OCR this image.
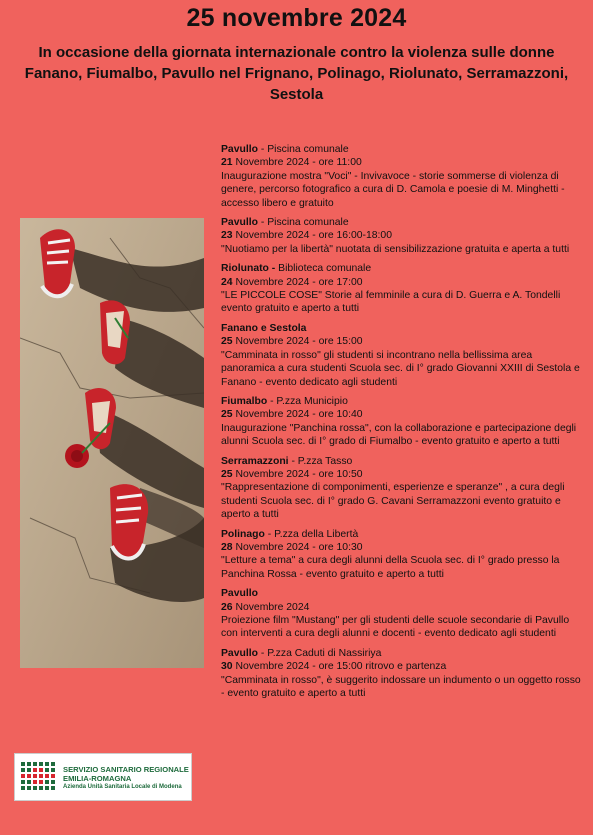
25 novembre 2024
In occasione della giornata internazionale contro la violenza sulle donne
Fanano, Fiumalbo, Pavullo nel Frignano, Polinago, Riolunato, Serramazzoni,
Sestola
Pavullo - Piscina comunale
21 Novembre 2024 - ore 11:00
Inaugurazione mostra "Voci" - Invivavoce - storie sommerse di violenza di genere, percorso fotografico a cura di D. Camola e poesie di M. Minghetti - accesso libero e gratuito
Pavullo - Piscina comunale
23 Novembre 2024 - ore 16:00-18:00
"Nuotiamo per la libertà" nuotata di sensibilizzazione gratuita e aperta a tutti
Riolunato - Biblioteca comunale
24 Novembre 2024 - ore 17:00
"LE PICCOLE COSE" Storie al femminile a cura di D. Guerra e A. Tondelli evento gratuito e aperto a tutti
Fanano e Sestola
25 Novembre 2024 - ore 15:00
"Camminata in rosso" gli studenti si incontrano nella bellissima area panoramica a cura studenti Scuola sec. di I° grado Giovanni XXIII di Sestola e Fanano - evento dedicato agli studenti
Fiumalbo - P.zza Municipio
25 Novembre 2024 - ore 10:40
Inaugurazione "Panchina rossa", con la collaborazione e partecipazione degli alunni Scuola sec. di I° grado di Fiumalbo - evento gratuito e aperto a tutti
Serramazzoni - P.zza Tasso
25 Novembre 2024 - ore 10:50
"Rappresentazione di componimenti, esperienze e speranze" , a cura degli studenti Scuola sec. di I° grado G. Cavani Serramazzoni evento gratuito e aperto a tutti
Polinago - P.zza della Libertà
28 Novembre 2024 - ore 10:30
"Letture a tema" a cura degli alunni della Scuola sec. di I° grado presso la Panchina Rossa - evento gratuito e aperto a tutti
Pavullo
26 Novembre 2024
Proiezione film "Mustang" per gli studenti delle scuole secondarie di Pavullo con interventi a cura degli alunni e docenti - evento dedicato agli studenti
Pavullo - P.zza Caduti di Nassiriya
30 Novembre 2024 - ore 15:00 ritrovo e partenza
"Camminata in rosso", è suggerito indossare un indumento o un oggetto rosso - evento gratuito e aperto a tutti
SERVIZIO SANITARIO REGIONALE
EMILIA-ROMAGNA
Azienda Unità Sanitaria Locale di Modena
